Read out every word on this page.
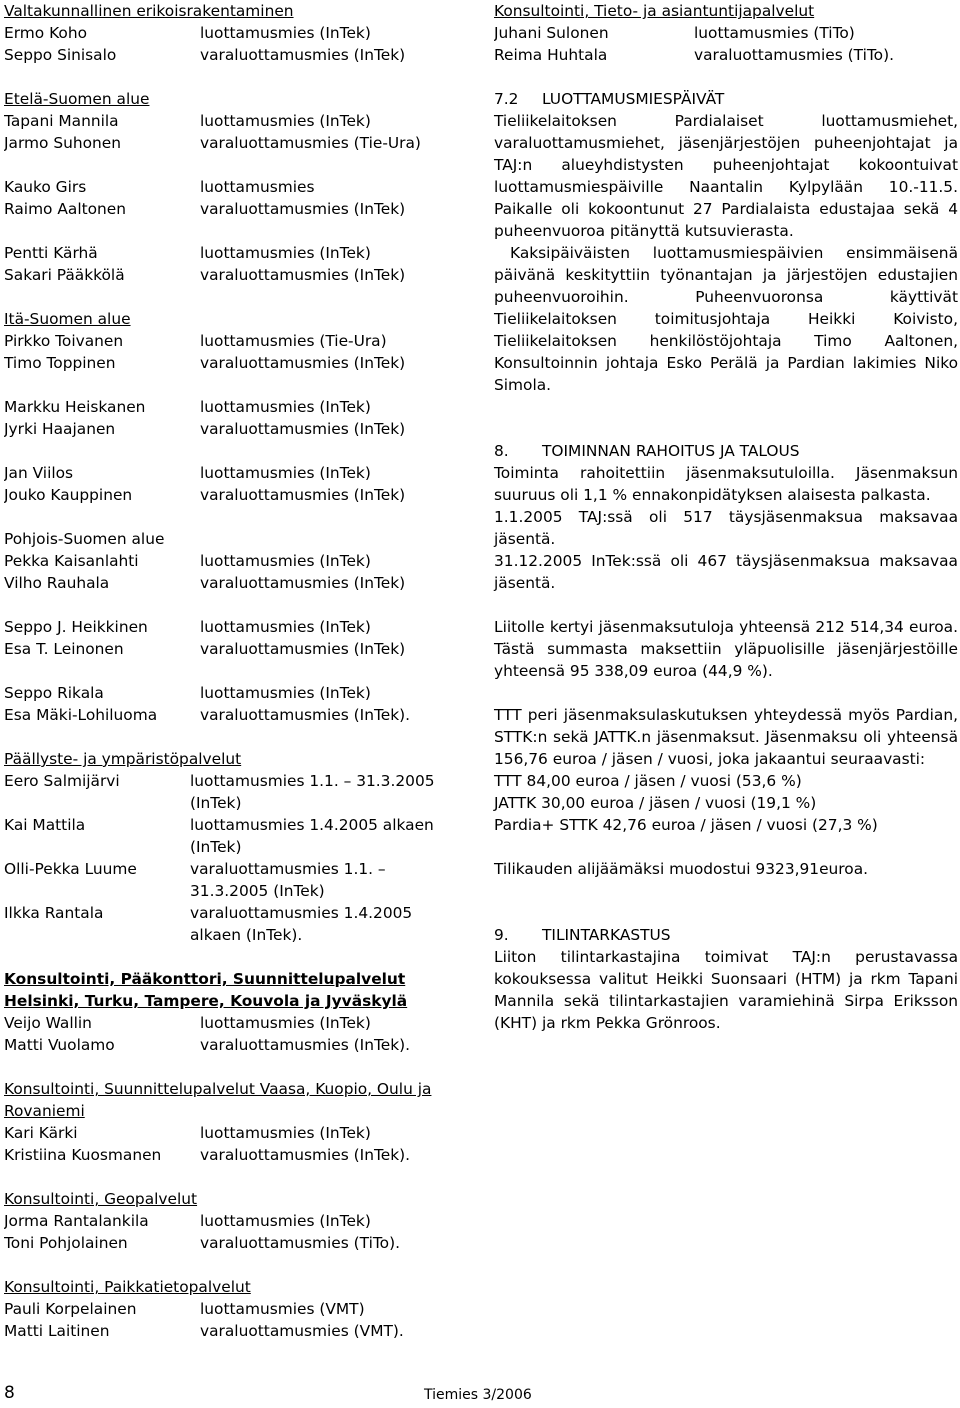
Valtakunnallinen erikoisrakentaminen
Ermo Koho	luottamusmies (InTek)
Seppo Sinisalo	varaluottamusmies (InTek)
Etelä-Suomen alue
Tapani Mannila	luottamusmies (InTek)
Jarmo Suhonen	varaluottamusmies (Tie-Ura)
Kauko Girs	luottamusmies
Raimo Aaltonen	varaluottamusmies (InTek)
Pentti Kärhä	luottamusmies (InTek)
Sakari Pääkkölä	varaluottamusmies (InTek)
Itä-Suomen alue
Pirkko Toivanen	luottamusmies (Tie-Ura)
Timo Toppinen	varaluottamusmies (InTek)
Markku Heiskanen	luottamusmies (InTek)
Jyrki Haajanen	varaluottamusmies (InTek)
Jan Viilos	luottamusmies (InTek)
Jouko Kauppinen	varaluottamusmies (InTek)
Pohjois-Suomen alue
Pekka Kaisanlahti	luottamusmies (InTek)
Vilho Rauhala	varaluottamusmies (InTek)
Seppo J. Heikkinen	luottamusmies (InTek)
Esa T. Leinonen	varaluottamusmies (InTek)
Seppo Rikala	luottamusmies (InTek)
Esa Mäki-Lohiluoma	varaluottamusmies (InTek).
Päällyste- ja ympäristöpalvelut
Eero Salmijärvi	luottamusmies 1.1. – 31.3.2005 (InTek)
Kai Mattila	luottamusmies 1.4.2005 alkaen (InTek)
Olli-Pekka Luume	varaluottamusmies 1.1. – 31.3.2005 (InTek)
Ilkka Rantala	varaluottamusmies 1.4.2005 alkaen (InTek).
Konsultointi, Pääkonttori, Suunnittelupalvelut
Helsinki, Turku, Tampere, Kouvola ja Jyväskylä
Veijo Wallin	luottamusmies (InTek)
Matti Vuolamo	varaluottamusmies (InTek).
Konsultointi, Suunnittelupalvelut Vaasa, Kuopio, Oulu ja Rovaniemi
Kari Kärki	luottamusmies (InTek)
Kristiina Kuosmanen	varaluottamusmies (InTek).
Konsultointi, Geopalvelut
Jorma Rantalankila	luottamusmies (InTek)
Toni Pohjolainen	varaluottamusmies (TiTo).
Konsultointi, Paikkatietopalvelut
Pauli Korpelainen	luottamusmies (VMT)
Matti Laitinen	varaluottamusmies (VMT).
Konsultointi, Tieto- ja asiantuntijapalvelut
Juhani Sulonen	luottamusmies (TiTo)
Reima Huhtala	varaluottamusmies (TiTo).
7.2 LUOTTAMUSMIESPÄIVÄT

Tieliikelaitoksen Pardialaiset luottamusmiehet, varaluottamusmiehet, jäsenjärjestöjen puheenjohtajat ja TAJ:n alueyhdistysten puheenjohtajat kokoontuivat luottamusmiespäiville Naantalin Kylpylään 10.-11.5. Paikalle oli kokoontunut 27 Pardialaista edustajaa sekä 4 puheenvuoroa pitänyttä kutsuvierasta.

Kaksipäiväisten luottamusmiespäivien ensimmäisenä päivänä keskityttiin työnantajan ja järjestöjen edustajien puheenvuoroihin. Puheenvuoronsa käyttivät Tieliikelaitoksen toimitusjohtaja Heikki Koivisto, Tieliikelaitoksen henkilöstöjohtaja Timo Aaltonen, Konsultoinnin johtaja Esko Perälä ja Pardian lakimies Niko Simola.

8. TOIMINNAN RAHOITUS JA TALOUS

Toiminta rahoitettiin jäsenmaksutuloilla. Jäsenmaksun suuruus oli 1,1 % ennakonpidätyksen alaisesta palkasta.

1.1.2005 TAJ:ssä oli 517 täysjäsenmaksua maksavaa jäsentä.

31.12.2005 InTek:ssä oli 467 täysjäsenmaksua maksavaa jäsentä.

Liitolle kertyi jäsenmaksutuloja yhteensä 212 514,34 euroa. Tästä summasta maksettiin yläpuolisille jäsenjärjestöille yhteensä 95 338,09 euroa (44,9 %).

TTT peri jäsenmaksulaskutuksen yhteydessä myös Pardian, STTK:n sekä JATTK.n jäsenmaksut. Jäsenmaksu oli yhteensä 156,76 euroa / jäsen / vuosi, joka jakaantui seuraavasti:

TTT 84,00 euroa / jäsen / vuosi (53,6 %)
JATTK 30,00 euroa / jäsen / vuosi (19,1 %)
Pardia+ STTK 42,76 euroa / jäsen / vuosi (27,3 %)

Tilikauden alijäämäksi muodostui 9323,91euroa.

9. TILINTARKASTUS

Liiton tilintarkastajina toimivat TAJ:n perustavassa kokouksessa valitut Heikki Suonsaari (HTM) ja rkm Tapani Mannila sekä tilintarkastajien varamiehinä Sirpa Eriksson (KHT) ja rkm Pekka Grönroos.

8	Tiemies 3/2006
